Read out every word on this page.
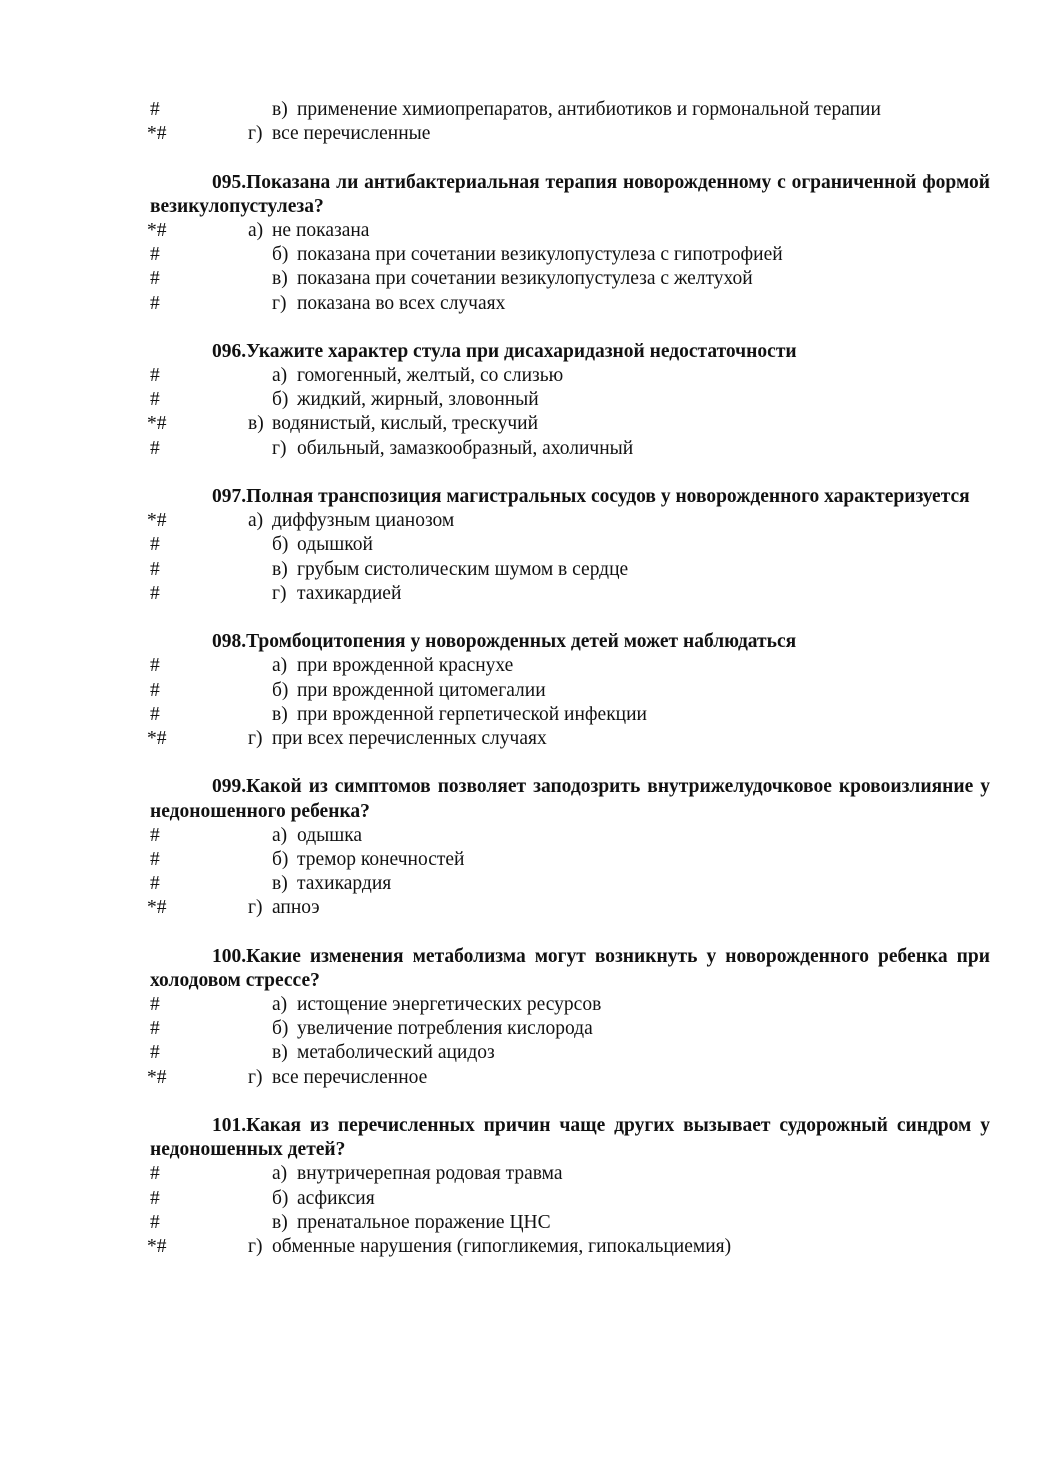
#	в) применение химиопрепаратов, антибиотиков и гормональной терапии
*#	г) все перечисленные
095.Показана ли антибактериальная терапия новорожденному с ограниченной формой везикулопустулеза?
*#	а) не показана
#	б) показана при сочетании везикулопустулеза с гипотрофией
#	в) показана при сочетании везикулопустулеза с желтухой
#	г) показана во всех случаях
096.Укажите характер стула при дисахаридазной недостаточности
#	а) гомогенный, желтый, со слизью
#	б) жидкий, жирный, зловонный
*#	в) водянистый, кислый, трескучий
#	г) обильный, замазкообразный, ахоличный
097.Полная транспозиция магистральных сосудов у новорожденного характеризуется
*#	а) диффузным цианозом
#	б) одышкой
#	в) грубым систолическим шумом в сердце
#	г) тахикардией
098.Тромбоцитопения у новорожденных детей может наблюдаться
#	а) при врожденной краснухе
#	б) при врожденной цитомегалии
#	в) при врожденной герпетической инфекции
*#	г) при всех перечисленных случаях
099.Какой из симптомов позволяет заподозрить внутрижелудочковое кровоизлияние у недоношенного ребенка?
#	а) одышка
#	б) тремор конечностей
#	в) тахикардия
*#	г) апноэ
100.Какие изменения метаболизма могут возникнуть у новорожденного ребенка при холодовом стрессе?
#	а) истощение энергетических ресурсов
#	б) увеличение потребления кислорода
#	в) метаболический ацидоз
*#	г) все перечисленное
101.Какая из перечисленных причин чаще других вызывает судорожный синдром у недоношенных детей?
#	а) внутричерепная родовая травма
#	б) асфиксия
#	в) пренатальное поражение ЦНС
*#	г) обменные нарушения (гипогликемия, гипокальциемия)
